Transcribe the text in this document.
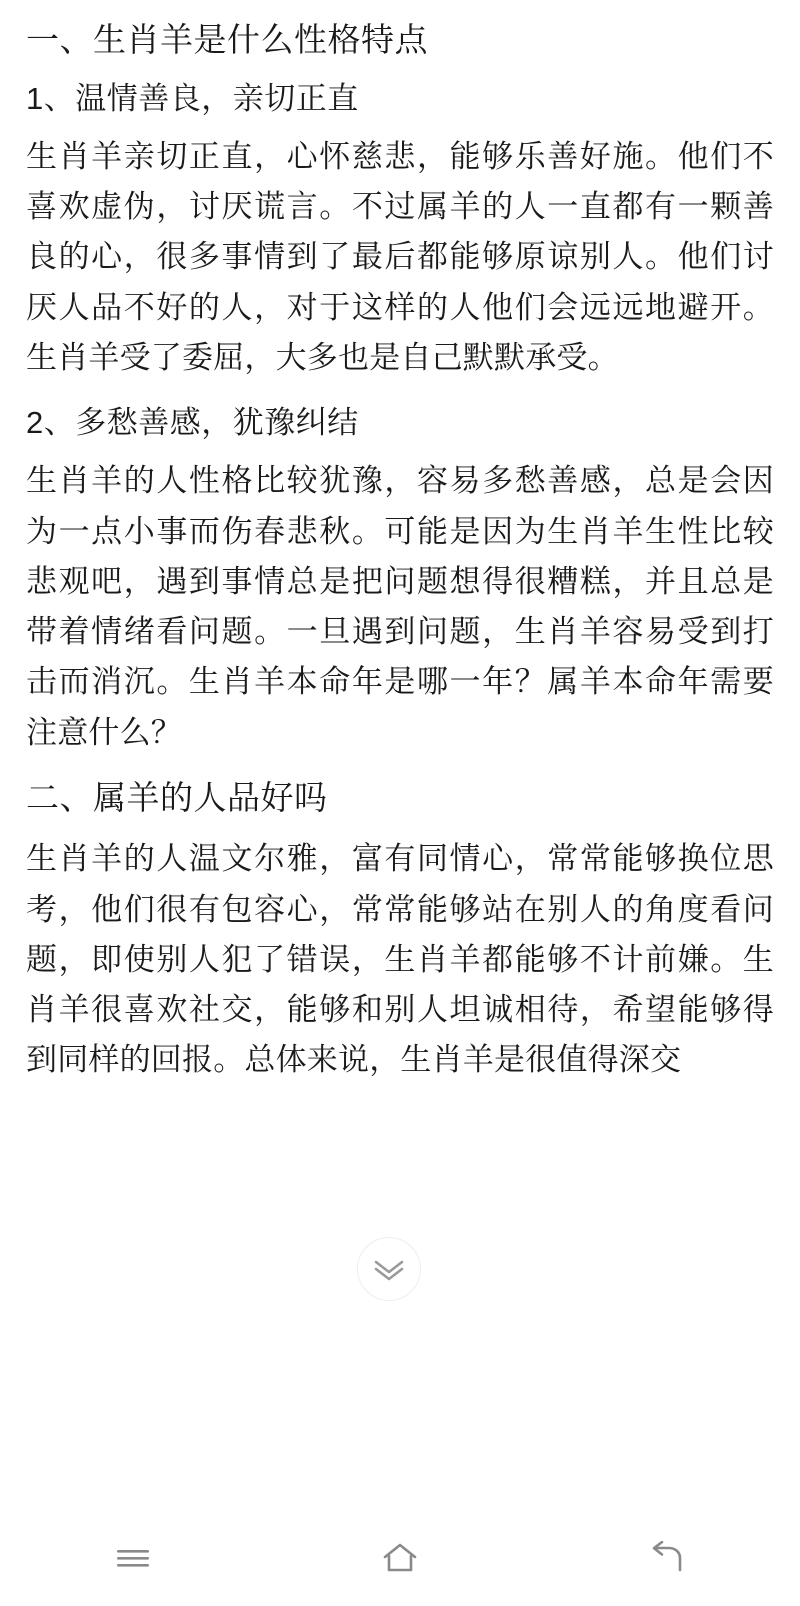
一、生肖羊是什么性格特点
1、温情善良，亲切正直

生肖羊亲切正直，心怀慈悲，能够乐善好施。他们不喜欢虚伪，讨厌谎言。不过属羊的人一直都有一颗善良的心，很多事情到了最后都能够原谅别人。他们讨厌人品不好的人，对于这样的人他们会远远地避开。生肖羊受了委屈，大多也是自己默默承受。

2、多愁善感，犹豫纠结

生肖羊的人性格比较犹豫，容易多愁善感，总是会因为一点小事而伤春悲秋。可能是因为生肖羊生性比较悲观吧，遇到事情总是把问题想得很糟糕，并且总是带着情绪看问题。一旦遇到问题，生肖羊容易受到打击而消沉。生肖羊本命年是哪一年？属羊本命年需要注意什么？

二、属羊的人品好吗

生肖羊的人温文尔雅，富有同情心，常常能够换位思考，他们很有包容心，常常能够站在别人的角度看问题，即使别人犯了错误，生肖羊都能够不计前嫌。生肖羊很喜欢社交，能够和别人坦诚相待，希望能够得到同样的回报。总体来说，生肖羊是很值得深交
